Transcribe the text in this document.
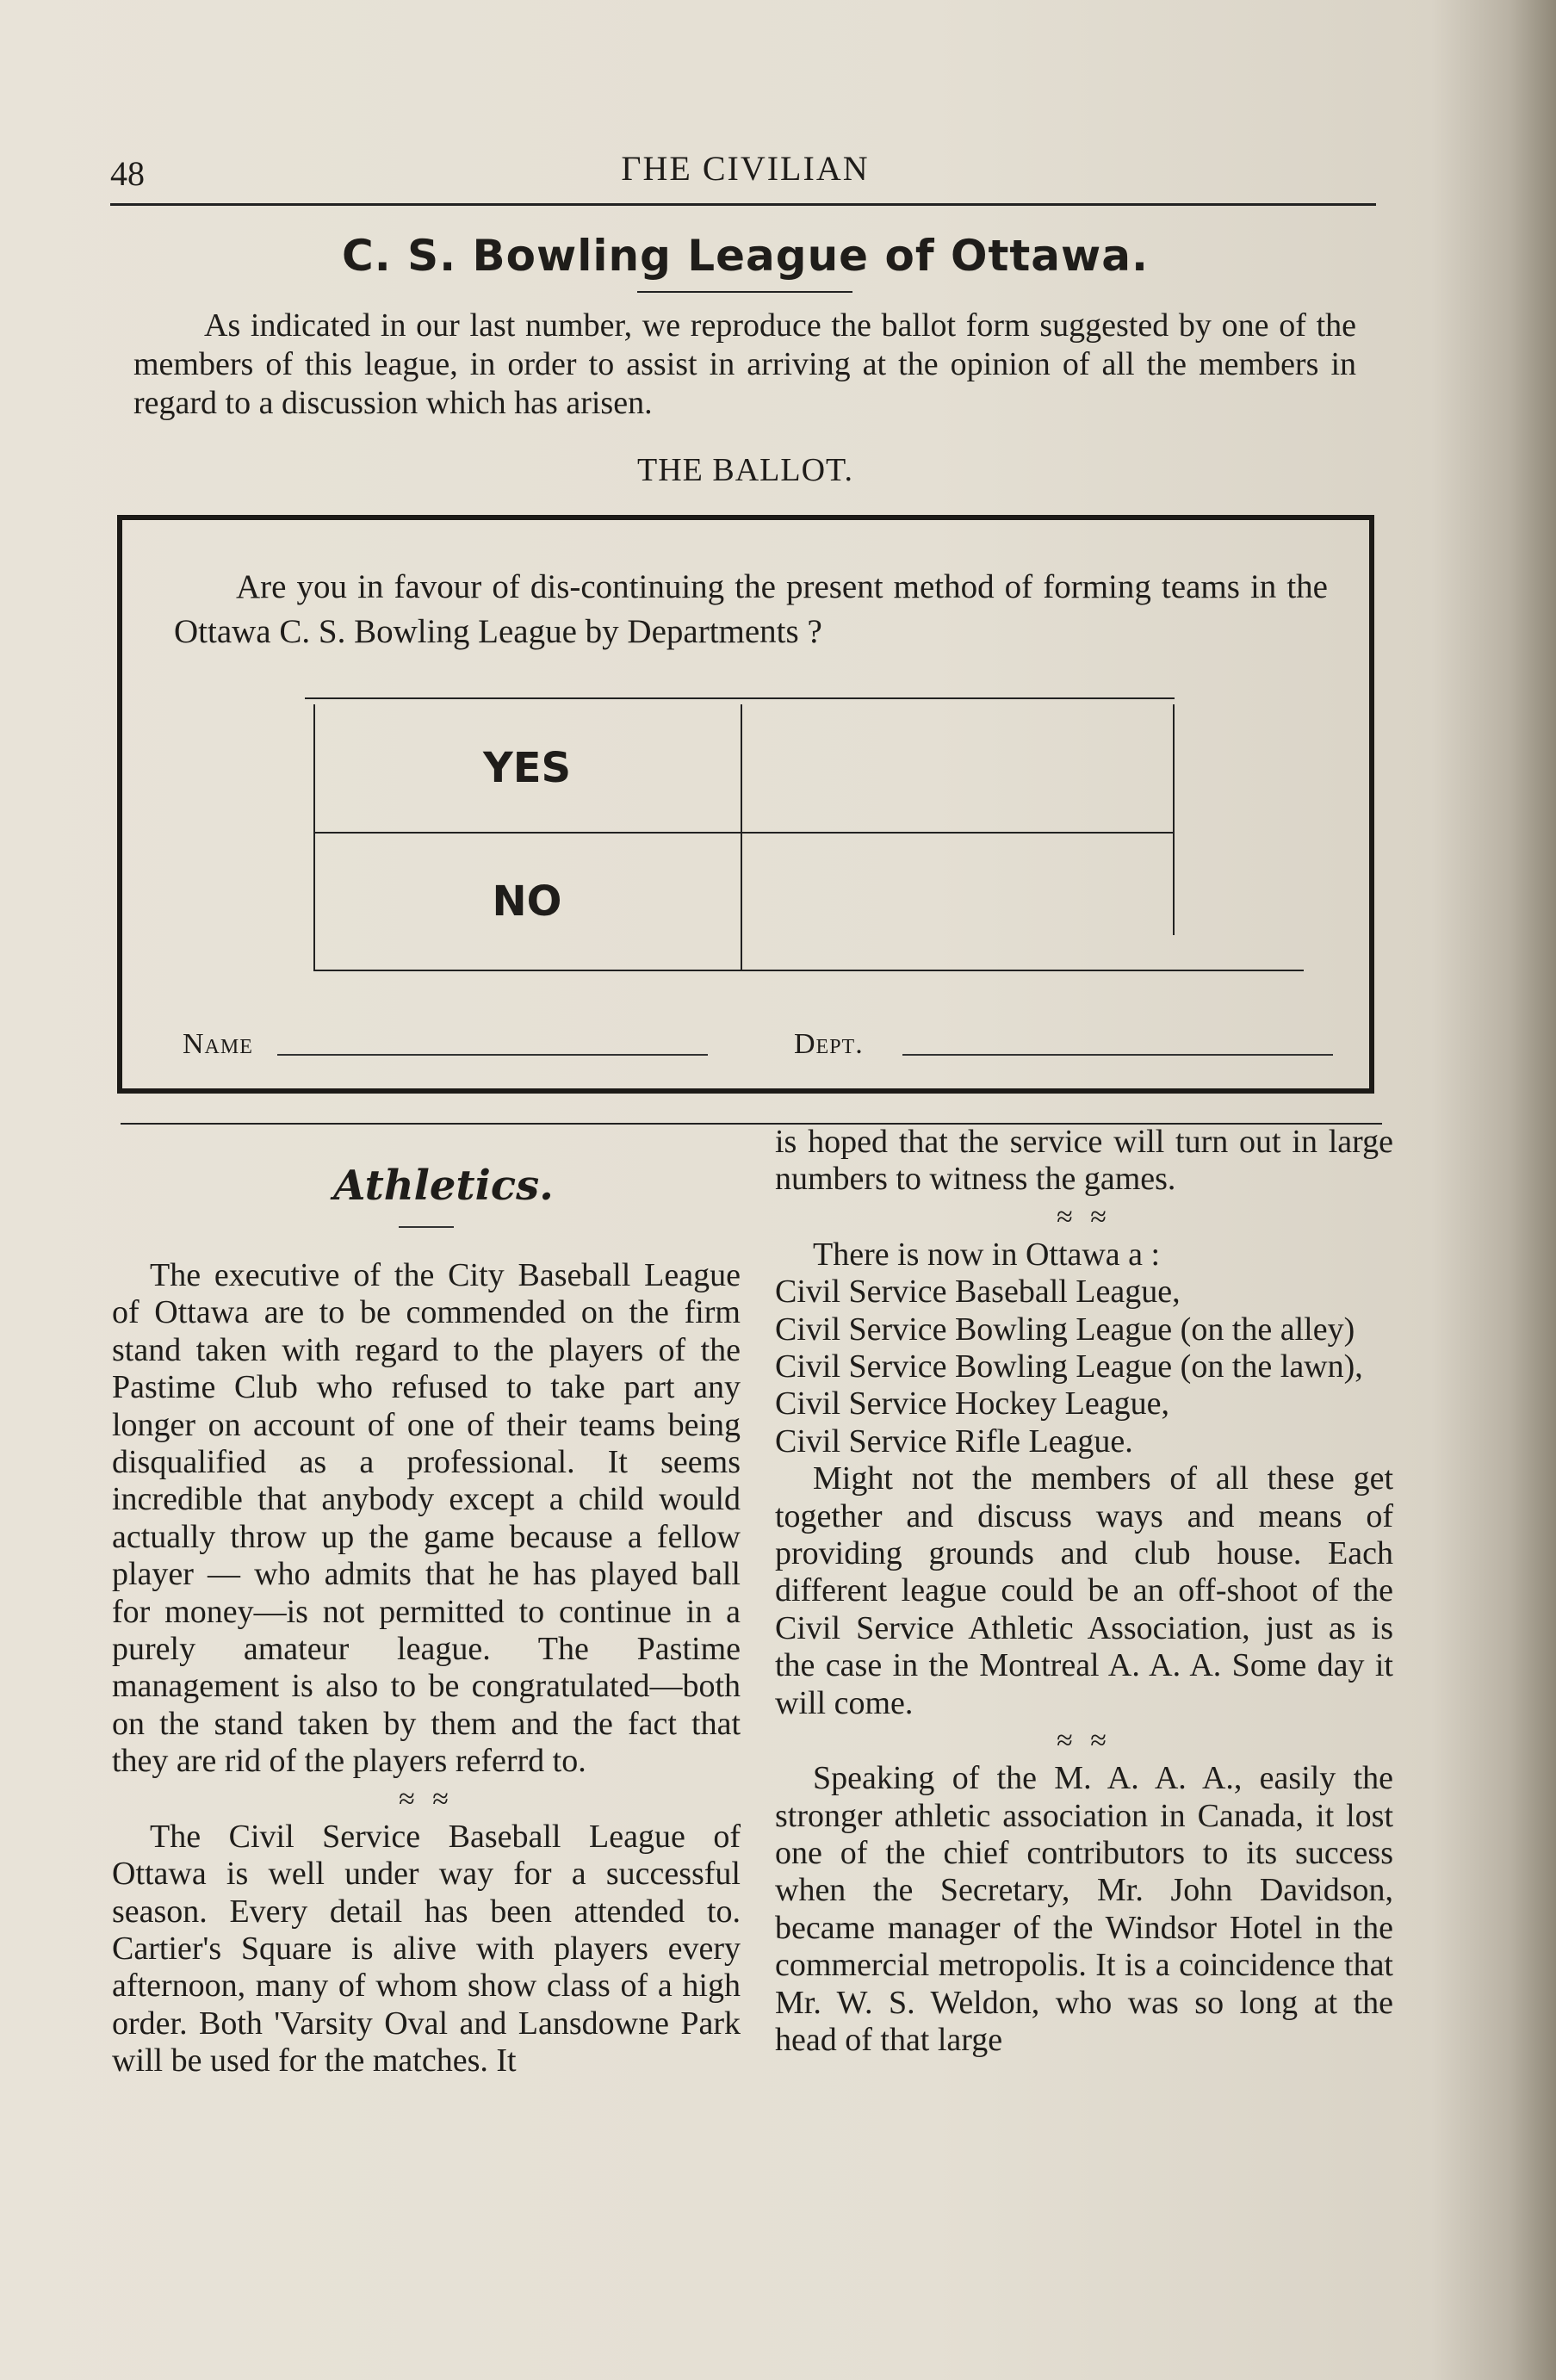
48	ΓHE CIVILIAN
C. S. Bowling League of Ottawa.
As indicated in our last number, we reproduce the ballot form suggested by one of the members of this league, in order to assist in arriving at the opinion of all the members in regard to a discussion which has arisen.
THE BALLOT.
Are you in favour of dis-continuing the present method of forming teams in the Ottawa C. S. Bowling League by Departments ?
YES
NO
Name	Dept.
Athletics.

The executive of the City Baseball League of Ottawa are to be commended on the firm stand taken with regard to the players of the Pastime Club who refused to take part any longer on account of one of their teams being disqualified as a professional. It seems incredible that anybody except a child would actually throw up the game because a fellow player — who admits that he has played ball for money—is not permitted to continue in a purely amateur league. The Pastime management is also to be congratulated—both on the stand taken by them and the fact that they are rid of the players referrd to.

≈ ≈

The Civil Service Baseball League of Ottawa is well under way for a successful season. Every detail has been attended to. Cartier's Square is alive with players every afternoon, many of whom show class of a high order. Both 'Varsity Oval and Lansdowne Park will be used for the matches. It

is hoped that the service will turn out in large numbers to witness the games.

≈ ≈

There is now in Ottawa a :

Civil Service Baseball League,

Civil Service Bowling League (on the alley)

Civil Service Bowling League (on the lawn),

Civil Service Hockey League,

Civil Service Rifle League.

Might not the members of all these get together and discuss ways and means of providing grounds and club house. Each different league could be an off-shoot of the Civil Service Athletic Association, just as is the case in the Montreal A. A. A. Some day it will come.

≈ ≈

Speaking of the M. A. A. A., easily the stronger athletic association in Canada, it lost one of the chief contributors to its success when the Secretary, Mr. John Davidson, became manager of the Windsor Hotel in the commercial metropolis. It is a coincidence that Mr. W. S. Weldon, who was so long at the head of that large
